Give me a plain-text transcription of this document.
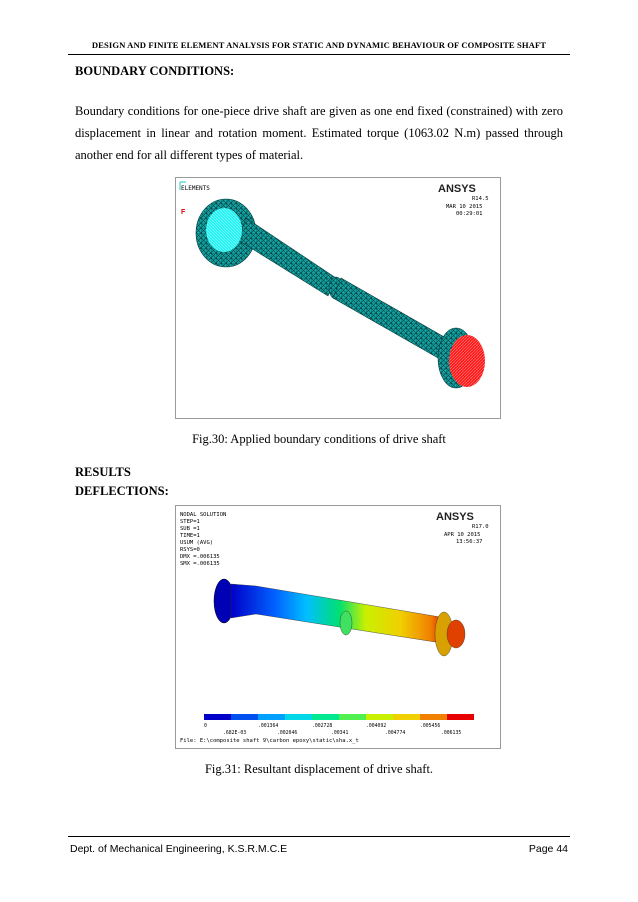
DESIGN AND FINITE ELEMENT ANALYSIS FOR STATIC AND DYNAMIC BEHAVIOUR OF COMPOSITE SHAFT
BOUNDARY CONDITIONS:
Boundary conditions for one-piece drive shaft are given as one end fixed (constrained) with zero displacement in linear and rotation moment. Estimated torque (1063.02 N.m) passed through another end for all different types of material.
ELEMENTS
F
ANSYS
R14.5
MAR 10 2015
00:29:01
Fig.30: Applied boundary conditions of drive shaft
RESULTS
DEFLECTIONS:
NODAL SOLUTION
STEP=1
SUB =1
TIME=1
USUM (AVG)
RSYS=0
DMX =.006135
SMX =.006135
ANSYS
R17.0
APR 10 2015
13:56:37
0	.001364	.002728	.004092	.005456
.682E-03	.002046	.00341	.004774	.006135
File: E:\composite shaft 9\carbon epoxy\static\sha.x_t
Fig.31: Resultant displacement of drive shaft.
Dept. of Mechanical Engineering, K.S.R.M.C.E	Page 44
